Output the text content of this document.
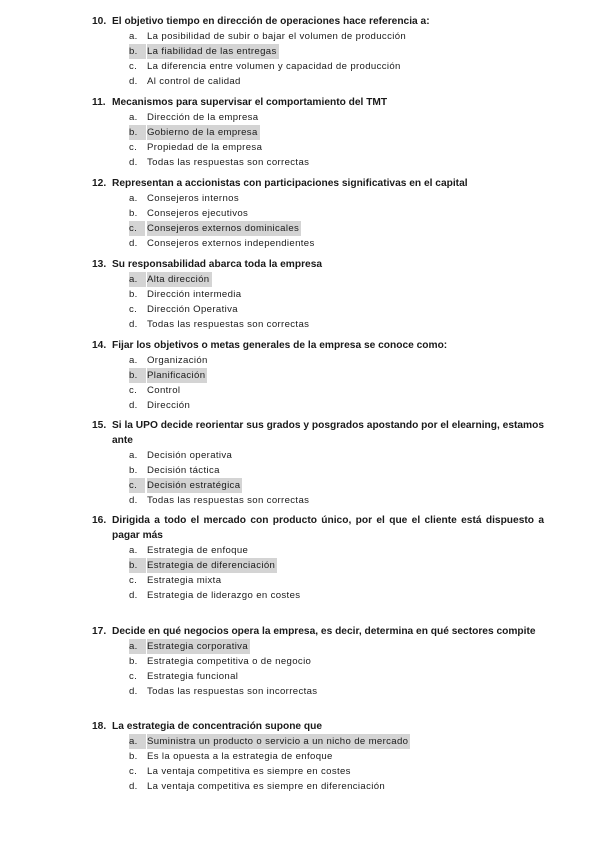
10. El objetivo tiempo en dirección de operaciones hace referencia a:
a. La posibilidad de subir o bajar el volumen de producción
b. La fiabilidad de las entregas
c. La diferencia entre volumen y capacidad de producción
d. Al control de calidad
11. Mecanismos para supervisar el comportamiento del TMT
a. Dirección de la empresa
b. Gobierno de la empresa
c. Propiedad de la empresa
d. Todas las respuestas son correctas
12. Representan a accionistas con participaciones significativas en el capital
a. Consejeros internos
b. Consejeros ejecutivos
c.	Consejeros externos dominicales
d. Consejeros externos independientes
13. Su responsabilidad abarca toda la empresa
a. Alta dirección
b. Dirección intermedia
c. Dirección Operativa
d. Todas las respuestas son correctas
14. Fijar los objetivos o metas generales de la empresa se conoce como:
a. Organización
b. Planificación
c. Control
d. Dirección
15. Si la UPO decide reorientar sus grados y posgrados apostando por el elearning, estamos ante
a. Decisión operativa
b. Decisión táctica
c.	Decisión estratégica
d. Todas las respuestas son correctas
16. Dirigida a todo el mercado con producto único, por el que el cliente está dispuesto a pagar más
a. Estrategia de enfoque
b. Estrategia de diferenciación
c. Estrategia mixta
d. Estrategia de liderazgo en costes
17. Decide en qué negocios opera la empresa, es decir, determina en qué sectores compite
a. Estrategia corporativa
b. Estrategia competitiva o de negocio
c. Estrategia funcional
d. Todas las respuestas son incorrectas
18. La estrategia de concentración supone que
a. Suministra un producto o servicio a un nicho de mercado
b. Es la opuesta a la estrategia de enfoque
c. La ventaja competitiva es siempre en costes
d. La ventaja competitiva es siempre en diferenciación
